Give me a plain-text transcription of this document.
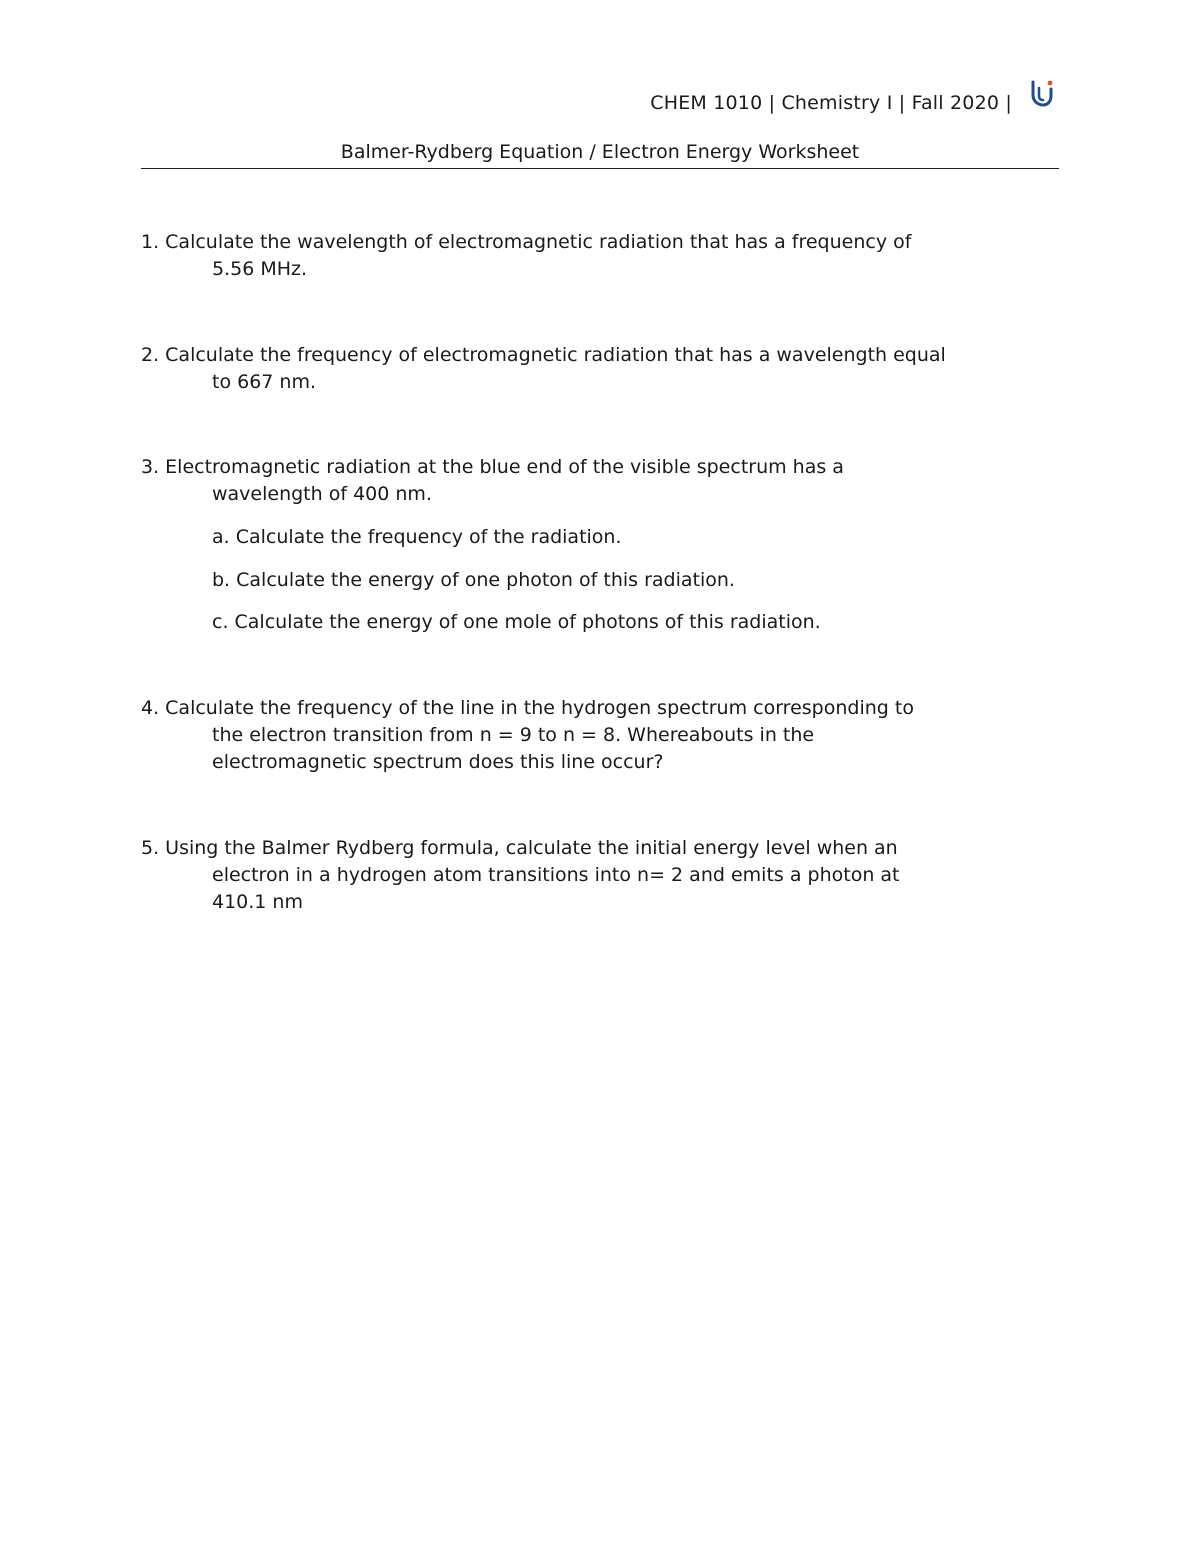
CHEM 1010 | Chemistry I | Fall 2020 |
Balmer-Rydberg Equation / Electron Energy Worksheet
1. Calculate the wavelength of electromagnetic radiation that has a frequency of
5.56 MHz.
2. Calculate the frequency of electromagnetic radiation that has a wavelength equal
to 667 nm.
3. Electromagnetic radiation at the blue end of the visible spectrum has a
wavelength of 400 nm.
a. Calculate the frequency of the radiation.
b. Calculate the energy of one photon of this radiation.
c. Calculate the energy of one mole of photons of this radiation.
4. Calculate the frequency of the line in the hydrogen spectrum corresponding to
the electron transition from n = 9 to n = 8. Whereabouts in the
electromagnetic spectrum does this line occur?
5. Using the Balmer Rydberg formula, calculate the initial energy level when an
electron in a hydrogen atom transitions into n= 2 and emits a photon at
410.1 nm
